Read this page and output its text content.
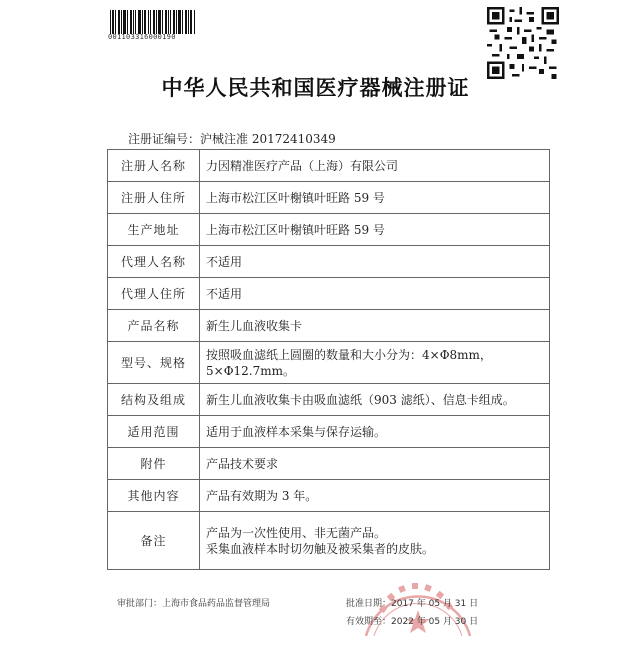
001103316000190
中华人民共和国医疗器械注册证
注册证编号：沪械注准 20172410349
注册人名称	力因精准医疗产品（上海）有限公司
注册人住所	上海市松江区叶榭镇叶旺路 59 号
生产地址	上海市松江区叶榭镇叶旺路 59 号
代理人名称	不适用
代理人住所	不适用
产品名称	新生儿血液收集卡
型号、规格	按照吸血滤纸上圆圈的数量和大小分为：4×Φ8mm，
5×Φ12.7mm。

结构及组成	新生儿血液收集卡由吸血滤纸（903 滤纸）、信息卡组成。
适用范围	适用于血液样本采集与保存运输。
附件	产品技术要求
其他内容	产品有效期为 3 年。
备注	产品为一次性使用、非无菌产品。
采集血液样本时切勿触及被采集者的皮肤。
审批部门：上海市食品药品监督管理局	批准日期：2017 年 05 月 31 日
有效期至：2022 年 05 月 30 日
